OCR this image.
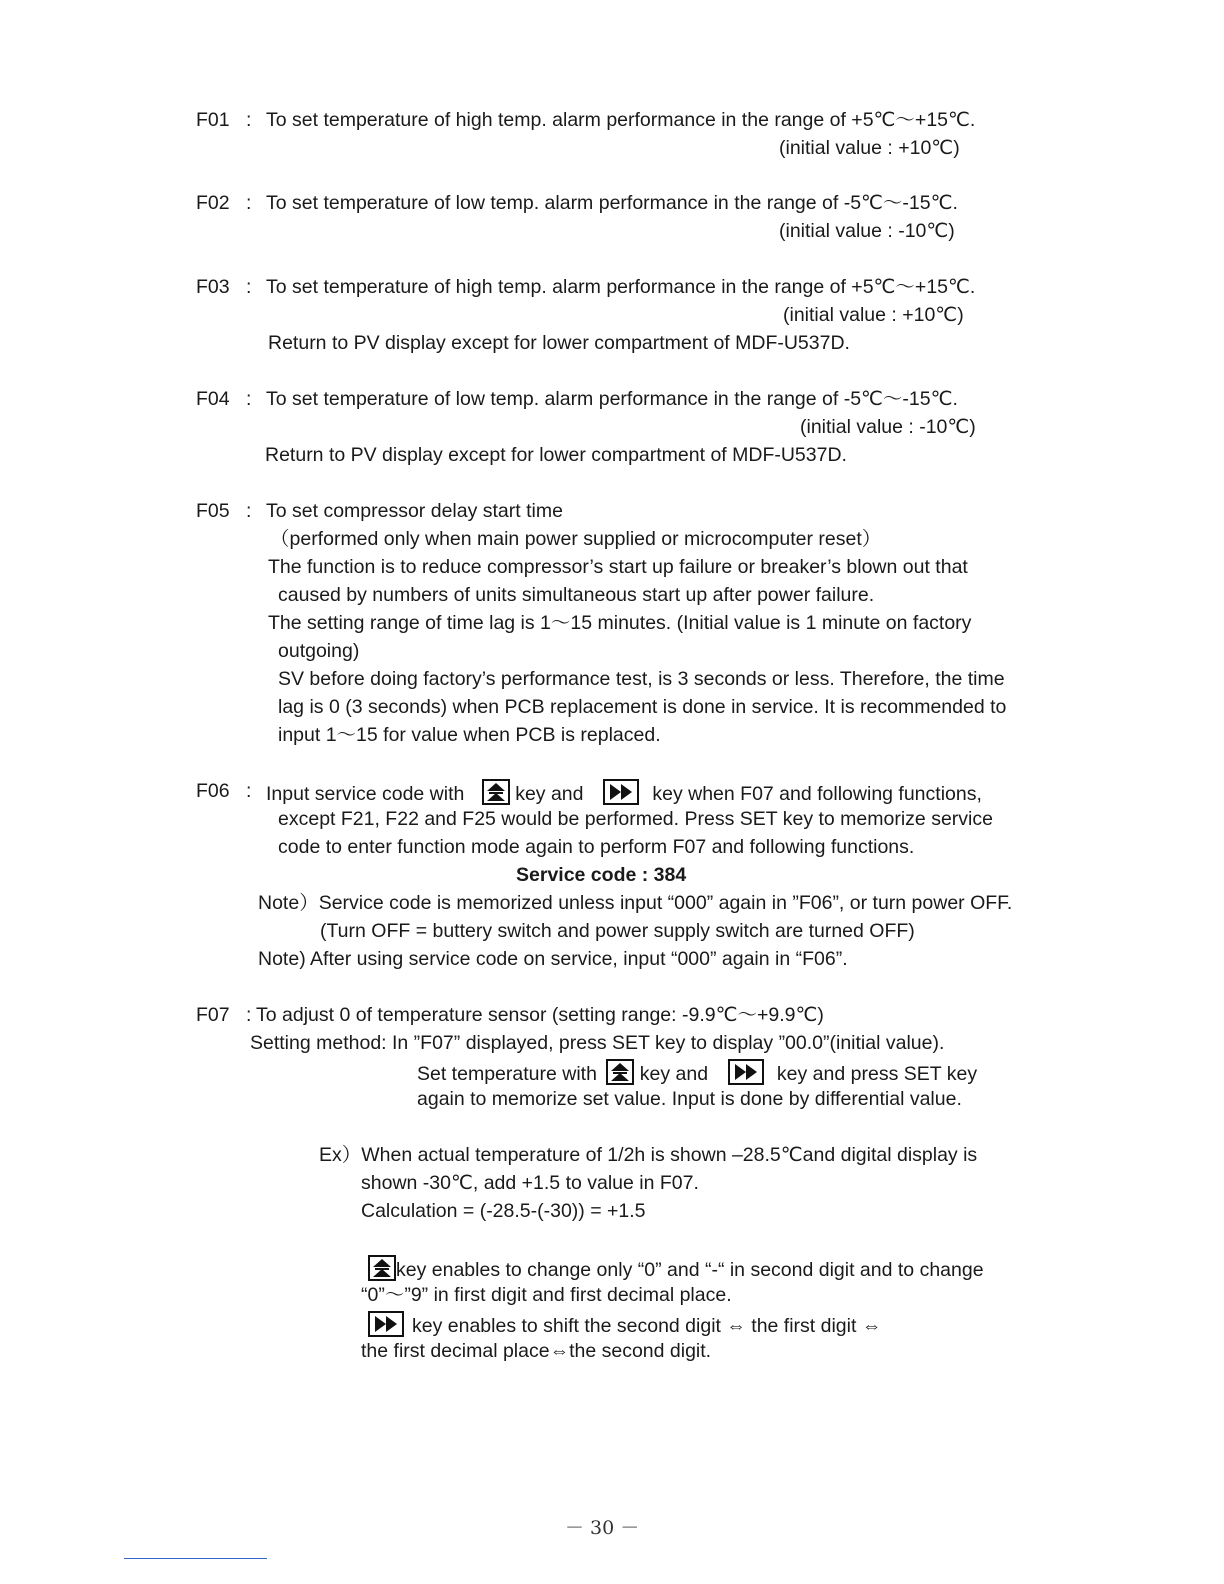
F01 : To set temperature of high temp. alarm performance in the range of +5℃～+15℃.
(initial value : +10℃)
F02 : To set temperature of low temp. alarm performance in the range of -5℃～-15℃.
(initial value : -10℃)
F03 : To set temperature of high temp. alarm performance in the range of +5℃～+15℃.
(initial value : +10℃)
Return to PV display except for lower compartment of MDF-U537D.
F04 : To set temperature of low temp. alarm performance in the range of -5℃～-15℃.
(initial value : -10℃)
Return to PV display except for lower compartment of MDF-U537D.
F05 : To set compressor delay start time
（performed only when main power supplied or microcomputer reset）
The function is to reduce compressor’s start up failure or breaker’s blown out that
caused by numbers of units simultaneous start up after power failure.
The setting range of time lag is 1～15 minutes. (Initial value is 1 minute on factory
outgoing)
SV before doing factory’s performance test, is 3 seconds or less. Therefore, the time
lag is 0 (3 seconds) when PCB replacement is done in service. It is recommended to
input 1～15 for value when PCB is replaced.
F06 : Input service code with	key and	key when F07 and following functions,
except F21, F22 and F25 would be performed. Press SET key to memorize service
code to enter function mode again to perform F07 and following functions.
Service code : 384
Note）Service code is memorized unless input “000” again in ”F06”, or turn power OFF.
(Turn OFF = buttery switch and power supply switch are turned OFF)
Note) After using service code on service, input “000” again in “F06”.
F07 : To adjust 0 of temperature sensor (setting range: -9.9℃～+9.9℃)
Setting method: In ”F07” displayed, press SET key to display ”00.0”(initial value).
Set temperature with key and	key and press SET key
again to memorize set value. Input is done by differential value.
Ex）When actual temperature of 1/2h is shown –28.5℃and digital display is
shown -30℃, add +1.5 to value in F07.
Calculation = (-28.5-(-30)) = +1.5
key enables to change only “0” and “-“ in second digit and to change
“0”～”9” in first digit and first decimal place.
key enables to shift the second digit ⇔ the first digit ⇔
the first decimal place⇔the second digit.
－ 30 －
